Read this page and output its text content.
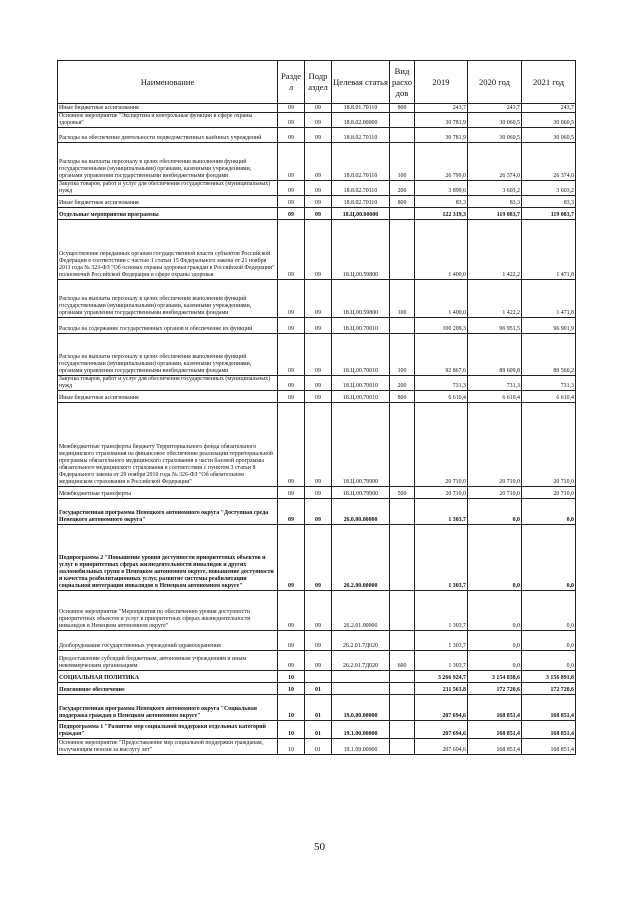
Наименование	Разде л	Подр аздел	Целевая статья	Вид расхо дов	2019	2020 год	2021 год
Иные бюджетные ассигнования	09	09	18.8.01.70110	800	243,7	243,7	243,7
Основное мероприятие "Экспертиза и контрольные функции в сфере охраны здоровья"	09	09	18.8.02.00000		30 781,9	30 060,5	30 060,5
Расходы на обеспечение деятельности подведомственных казённых учреждений	09	09	18.8.02.70110		30 781,9	30 060,5	30 060,5
Расходы на выплаты персоналу в целях обеспечения выполнения функций государственными (муниципальными) органами, казенными учреждениями, органами управления государственными внебюджетными фондами	09	09	18.8.02.70110	100	26 799,0	26 374,0	26 374,0
Закупка товаров, работ и услуг для обеспечения государственных (муниципальных) нужд	09	09	18.8.02.70110	200	3 899,6	3 603,2	3 603,2
Иные бюджетные ассигнования	09	09	18.8.02.70110	800	83,3	83,3	83,3
Отдельные мероприятия программы	09	09	18.Ц.00.00000		122 319,3	119 083,7	119 083,7
Осуществление переданных органам государственной власти субъектов Российской Федерации в соответствии с частью 1 статьи 15 Федерального закона от 21 ноября 2011 года № 323-ФЗ "Об основах охраны здоровья граждан в Российской Федерации" полномочий Российской Федерации в сфере охраны здоровья	09	09	18.Ц.00.59800		1 400,0	1 422,2	1 471,8
Расходы на выплаты персоналу в целях обеспечения выполнения функций государственными (муниципальными) органами, казенными учреждениями, органами управления государственными внебюджетными фондами	09	09	18.Ц.00.59800	100	1 400,0	1 422,2	1 471,8
Расходы на содержание государственных органов и обеспечение их функций	09	09	18.Ц.00.70010		100 209,3	96 951,5	96 901,9
Расходы на выплаты персоналу в целях обеспечения выполнения функций государственными (муниципальными) органами, казенными учреждениями, органами управления государственными внебюджетными фондами	09	09	18.Ц.00.70010	100	92 867,6	89 609,8	89 560,2
Закупка товаров, работ и услуг для обеспечения государственных (муниципальных) нужд	09	09	18.Ц.00.70010	200	731,3	731,3	731,3
Иные бюджетные ассигнования	09	09	18.Ц.00.70010	800	6 610,4	6 610,4	6 610,4
Межбюджетные трансферты бюджету Территориального фонда обязательного медицинского страхования на финансовое обеспечение реализации территориальной программы обязательного медицинского страхования в части базовой программы обязательного медицинского страхования в соответствии с пунктом 3 статьи 8 Федерального закона от 29 ноября 2010 года № 326-ФЗ "Об обязательном медицинском страховании в Российской Федерации"	09	09	18.Ц.00.79900		20 710,0	20 710,0	20 710,0
Межбюджетные трансферты	09	09	18.Ц.00.79900	500	20 710,0	20 710,0	20 710,0
Государственная программа Ненецкого автономного округа "Доступная среда Ненецкого автономного округа"	09	09	26.0.00.00000		1 303,7	0,0	0,0
Подпрограмма 2 "Повышение уровня доступности приоритетных объектов и услуг в приоритетных сферах жизнедеятельности инвалидов и других маломобильных групп в Ненецком автономном округе, повышение доступности и качества реабилитационных услуг, развитие системы реабилитации социальной интеграции инвалидов в Ненецком автономном округе"	09	09	26.2.00.00000		1 303,7	0,0	0,0
Основное мероприятие "Мероприятия по обеспечению уровня доступности приоритетных объектов и услуг в приоритетных сферах жизнедеятельности инвалидов в Ненецком автономном округе"	09	09	26.2.01.00000		1 303,7	0,0	0,0
Дооборудование государственных учреждений здравоохранения	09	09	26.2.01.7Д020		1 303,7	0,0	0,0
Предоставление субсидий бюджетным, автономным учреждениям и иным некоммерческим организациям	09	09	26.2.01.7Д020	600	1 303,7	0,0	0,0
СОЦИАЛЬНАЯ ПОЛИТИКА	10				3 266 924,7	3 154 830,6	3 156 891,8
Пенсионное обеспечение	10	01			211 563,8	172 720,6	172 720,6
Государственная программа Ненецкого автономного округа "Социальная поддержка граждан в Ненецком автономном округе"	10	01	19.0.00.00000		207 694,6	168 851,4	168 851,4
Подпрограмма 1 "Развитие мер социальной поддержки отдельных категорий граждан"	10	01	19.1.00.00000		207 694,6	168 851,4	168 851,4
Основное мероприятие "Предоставление мер социальной поддержки гражданам, получающим пенсии за выслугу лет"	10	01	19.1.09.00000		207 694,6	168 851,4	168 851,4
50
